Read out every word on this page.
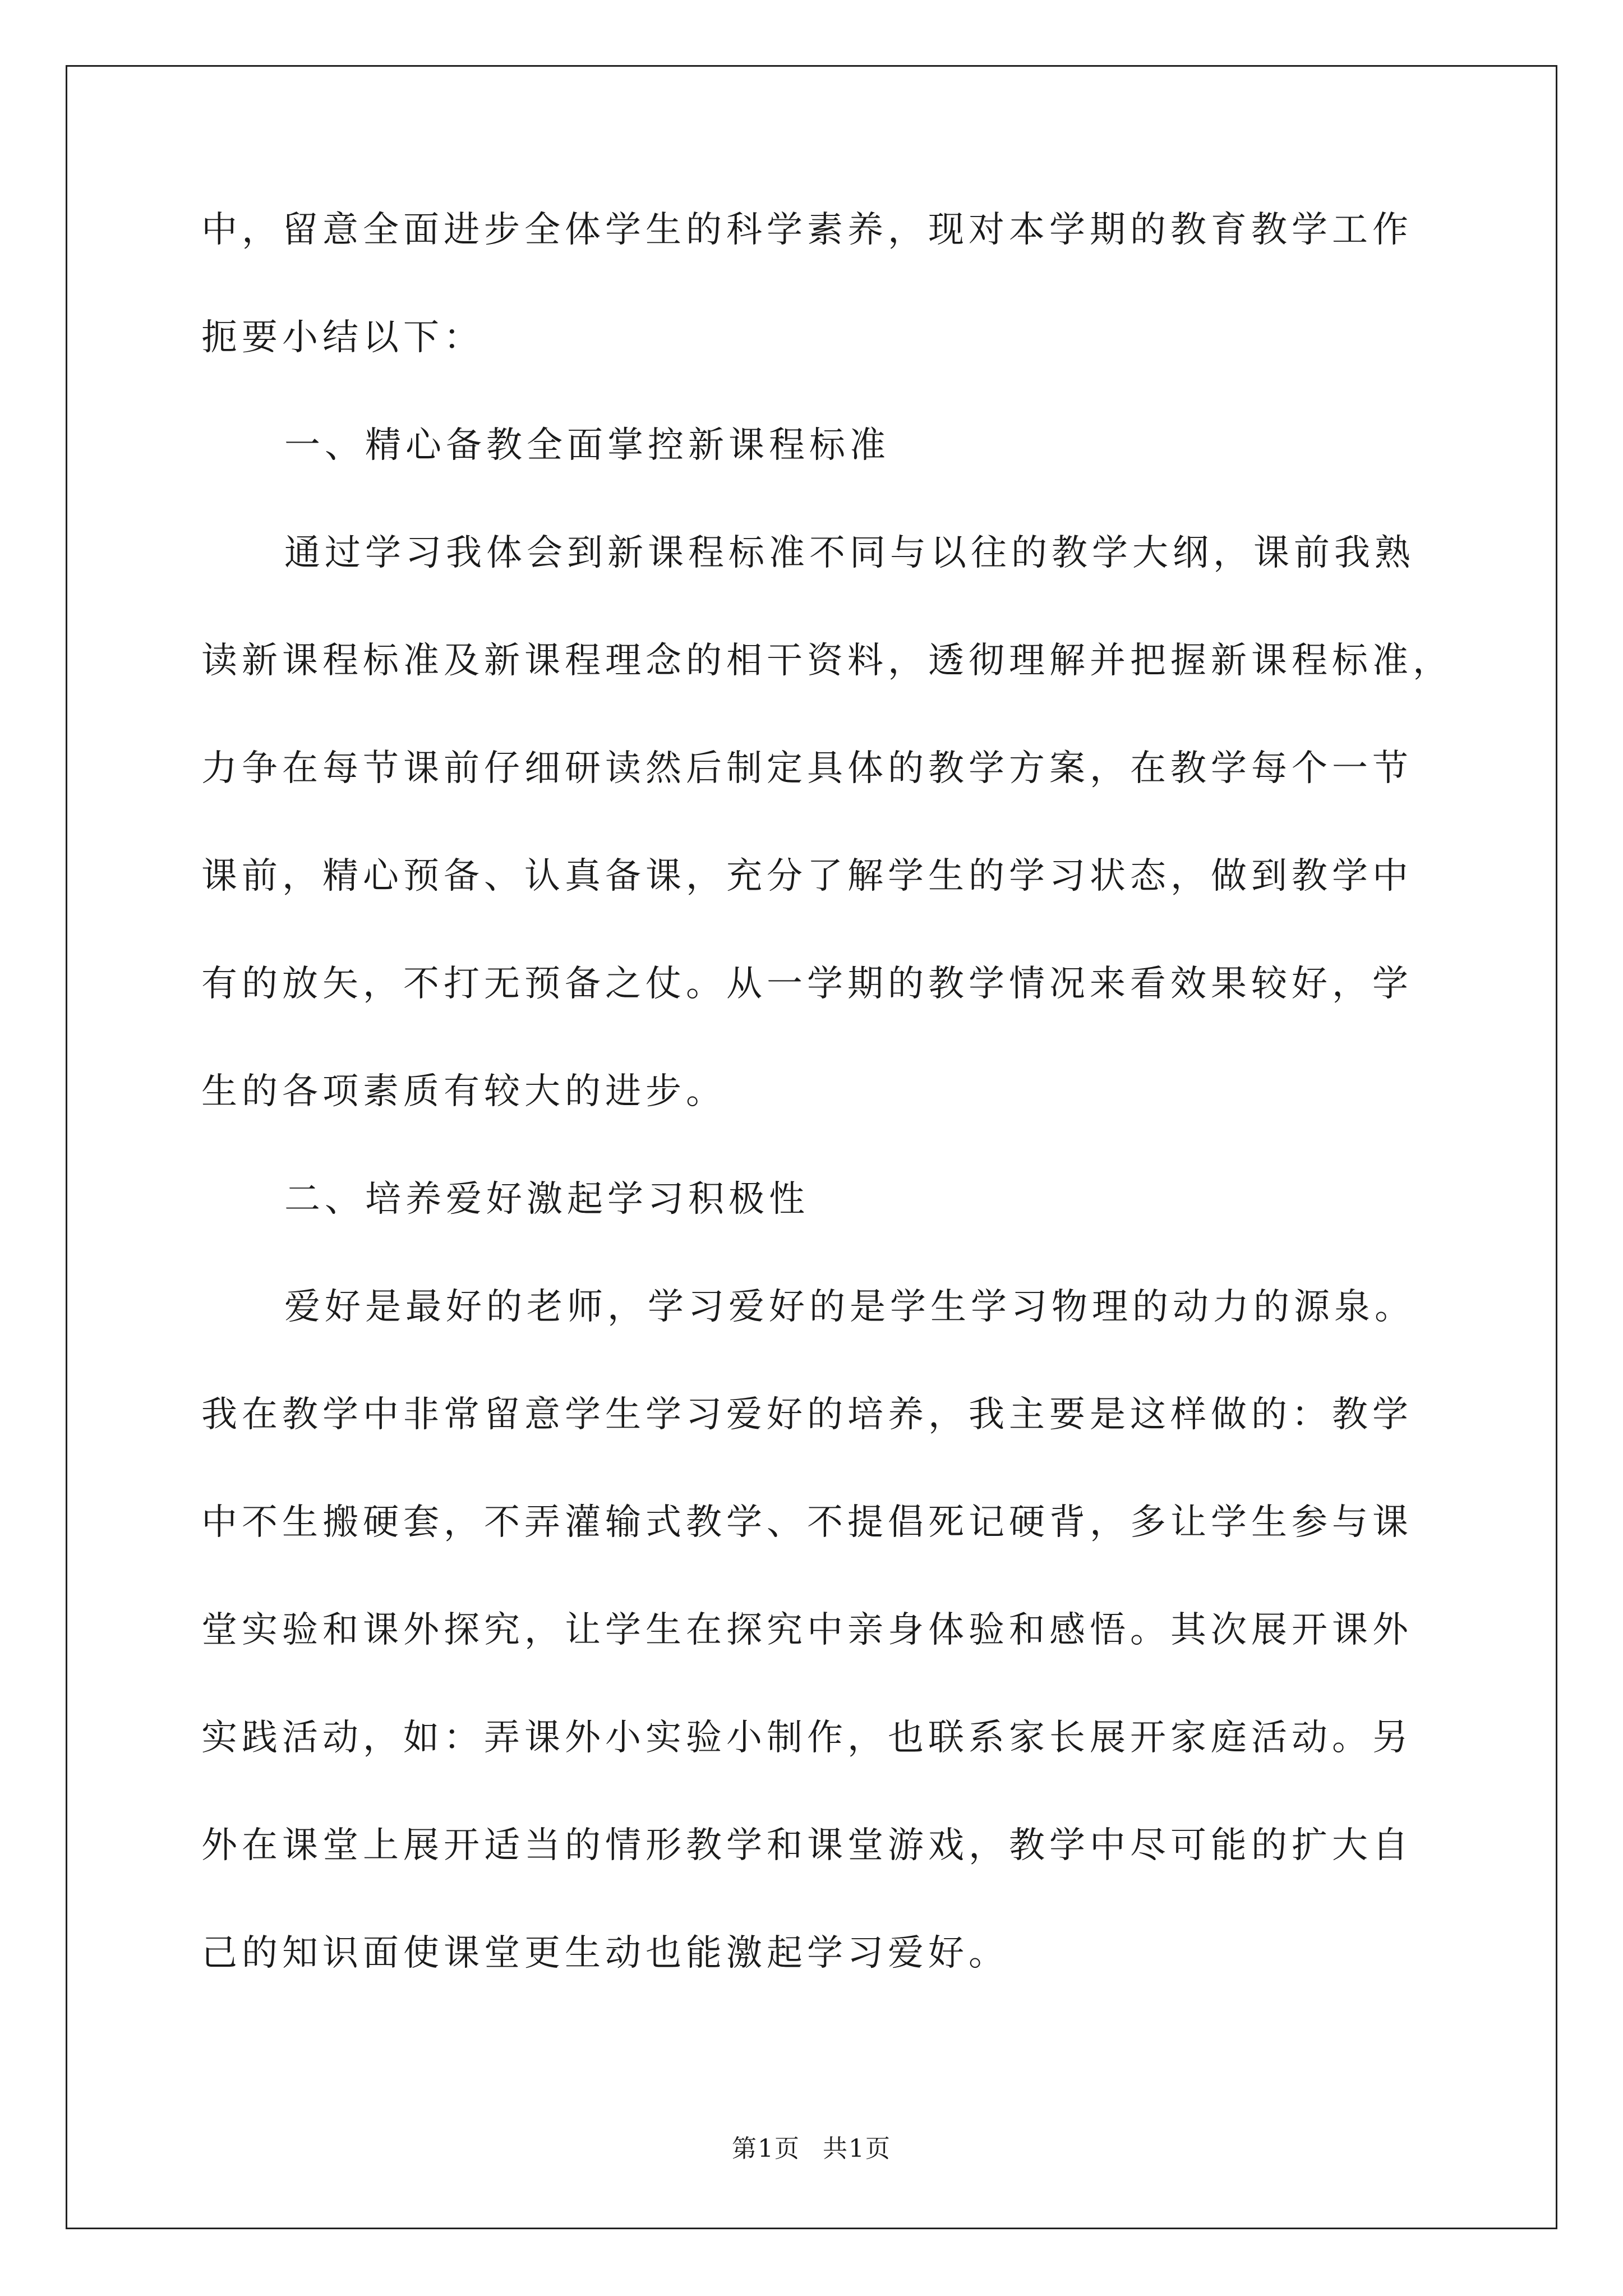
中，留意全面进步全体学生的科学素养，现对本学期的教育教学工作
扼要小结以下：
一、精心备教全面掌控新课程标准
通过学习我体会到新课程标准不同与以往的教学大纲，课前我熟
读新课程标准及新课程理念的相干资料，透彻理解并把握新课程标准，
力争在每节课前仔细研读然后制定具体的教学方案，在教学每个一节
课前，精心预备、认真备课，充分了解学生的学习状态，做到教学中
有的放矢，不打无预备之仗。从一学期的教学情况来看效果较好，学
生的各项素质有较大的进步。
二、培养爱好激起学习积极性
爱好是最好的老师，学习爱好的是学生学习物理的动力的源泉。
我在教学中非常留意学生学习爱好的培养，我主要是这样做的：教学
中不生搬硬套，不弄灌输式教学、不提倡死记硬背，多让学生参与课
堂实验和课外探究，让学生在探究中亲身体验和感悟。其次展开课外
实践活动，如：弄课外小实验小制作，也联系家长展开家庭活动。另
外在课堂上展开适当的情形教学和课堂游戏，教学中尽可能的扩大自
己的知识面使课堂更生动也能激起学习爱好。
第1页 共1页
